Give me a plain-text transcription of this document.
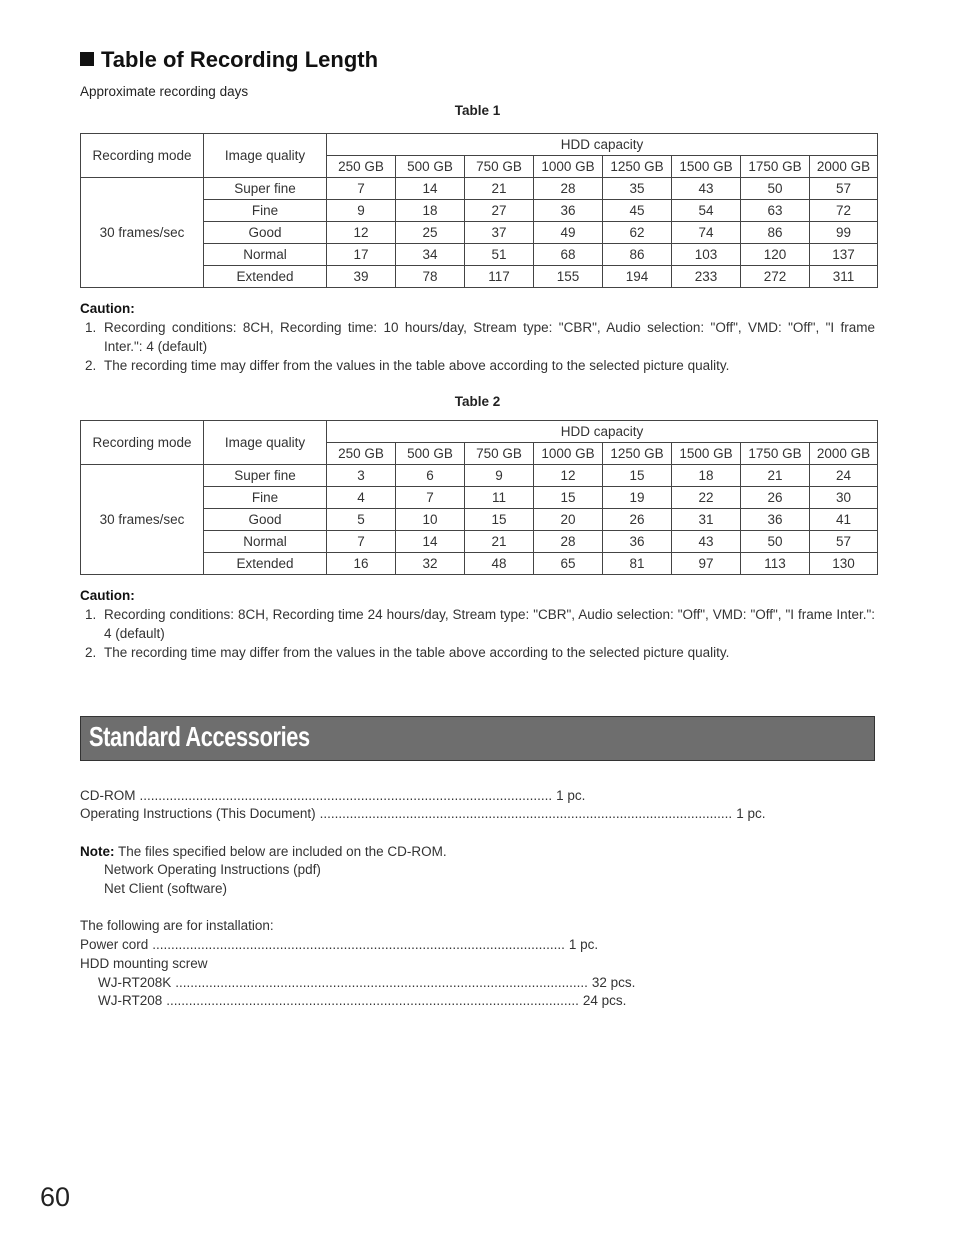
Table of Recording Length
Approximate recording days
Table 1
Recording mode	Image quality	HDD capacity							
		250 GB	500 GB	750 GB	1000 GB	1250 GB	1500 GB	1750 GB	2000 GB
30 frames/sec	Super fine	7	14	21	28	35	43	50	57
	Fine	9	18	27	36	45	54	63	72
	Good	12	25	37	49	62	74	86	99
	Normal	17	34	51	68	86	103	120	137
	Extended	39	78	117	155	194	233	272	311
Caution:
1. Recording conditions: 8CH, Recording time: 10 hours/day, Stream type: "CBR", Audio selection: "Off", VMD: "Off", "I frame Inter.": 4 (default)
2. The recording time may differ from the values in the table above according to the selected picture quality.
Table 2
Recording mode	Image quality	HDD capacity							
		250 GB	500 GB	750 GB	1000 GB	1250 GB	1500 GB	1750 GB	2000 GB
30 frames/sec	Super fine	3	6	9	12	15	18	21	24
	Fine	4	7	11	15	19	22	26	30
	Good	5	10	15	20	26	31	36	41
	Normal	7	14	21	28	36	43	50	57
	Extended	16	32	48	65	81	97	113	130
Caution:
1. Recording conditions: 8CH, Recording time 24 hours/day, Stream type: "CBR", Audio selection: "Off", VMD: "Off", "I frame Inter.": 4 (default)
2. The recording time may differ from the values in the table above according to the selected picture quality.
Standard Accessories
CD-ROM .............................................................................................................. 1 pc.
Operating Instructions (This Document) .............................................................................................................. 1 pc.
Note: The files specified below are included on the CD-ROM.
Network Operating Instructions (pdf)
Net Client (software)
The following are for installation:
Power cord .............................................................................................................. 1 pc.
HDD mounting screw
WJ-RT208K .............................................................................................................. 32 pcs.
WJ-RT208 .............................................................................................................. 24 pcs.
60
